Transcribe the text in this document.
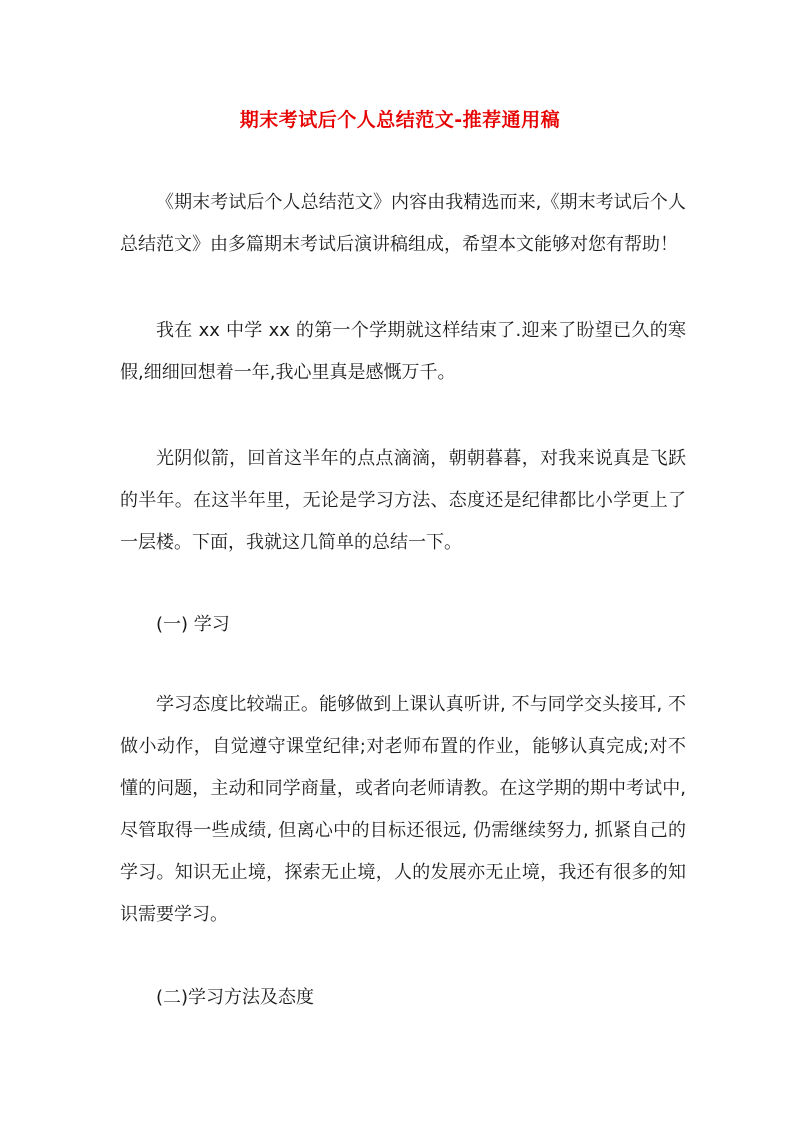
期末考试后个人总结范文-推荐通用稿
《期末考试后个人总结范文》内容由我精选而来,《期末考试后个人总结范文》由多篇期末考试后演讲稿组成，希望本文能够对您有帮助！
我在 xx 中学 xx 的第一个学期就这样结束了.迎来了盼望已久的寒假,细细回想着一年,我心里真是感慨万千。
光阴似箭，回首这半年的点点滴滴，朝朝暮暮，对我来说真是飞跃的半年。在这半年里，无论是学习方法、态度还是纪律都比小学更上了一层楼。下面，我就这几简单的总结一下。
(一) 学习
学习态度比较端正。能够做到上课认真听讲, 不与同学交头接耳, 不做小动作，自觉遵守课堂纪律;对老师布置的作业，能够认真完成;对不懂的问题，主动和同学商量，或者向老师请教。在这学期的期中考试中, 尽管取得一些成绩, 但离心中的目标还很远, 仍需继续努力, 抓紧自己的学习。知识无止境，探索无止境，人的发展亦无止境，我还有很多的知识需要学习。
(二)学习方法及态度
